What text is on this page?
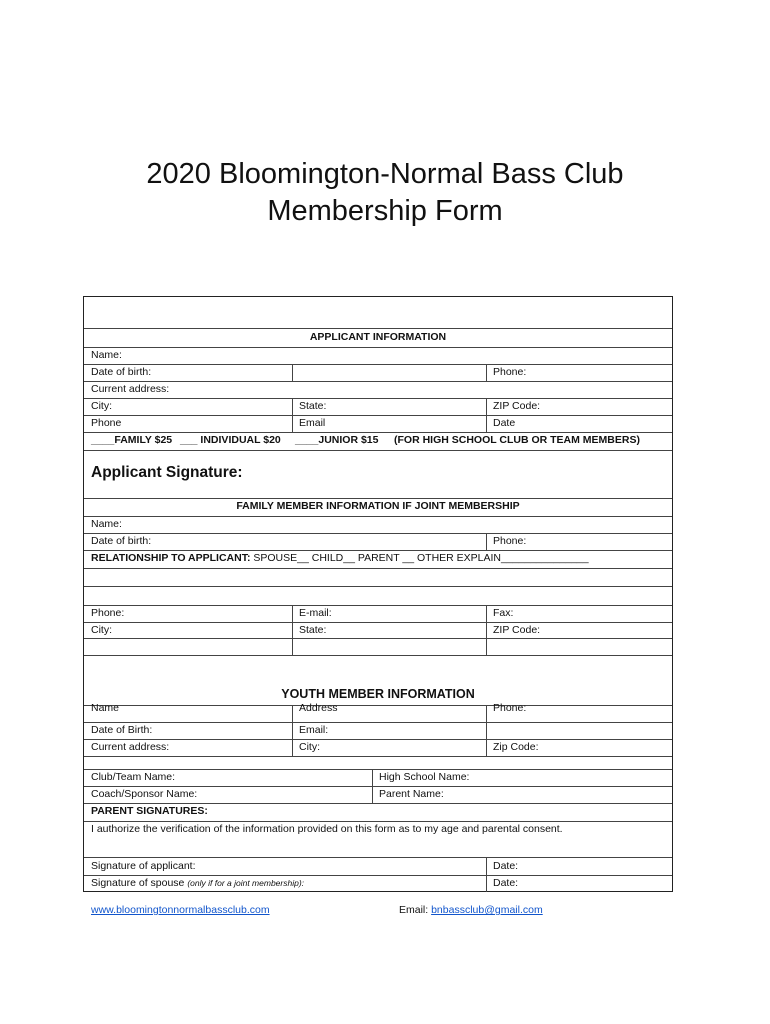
2020 Bloomington-Normal Bass Club
Membership Form
APPLICANT INFORMATION
Name:
Date of birth:	Phone:
Current address:
City:	State:	ZIP Code:
Phone	Email	Date
____FAMILY $25 ___ INDIVIDUAL $20 ____JUNIOR $15 (FOR HIGH SCHOOL CLUB OR TEAM MEMBERS)
Applicant Signature:
FAMILY MEMBER INFORMATION IF JOINT MEMBERSHIP
Name:
Date of birth:	Phone:
RELATIONSHIP TO APPLICANT: SPOUSE__ CHILD__ PARENT __ OTHER EXPLAIN_______________
Phone:	E-mail:	Fax:
City:	State:	ZIP Code:
YOUTH MEMBER INFORMATION
Name	Address	Phone:
Date of Birth:	Email:
Current address:	City:	Zip Code:
Club/Team Name:	High School Name:
Coach/Sponsor Name:	Parent Name:
PARENT SIGNATURES:
I authorize the verification of the information provided on this form as to my age and parental consent.
Signature of applicant:	Date:
Signature of spouse (only if for a joint membership):	Date:
www.bloomingtonnormalbassclub.com	Email: bnbassclub@gmail.com
